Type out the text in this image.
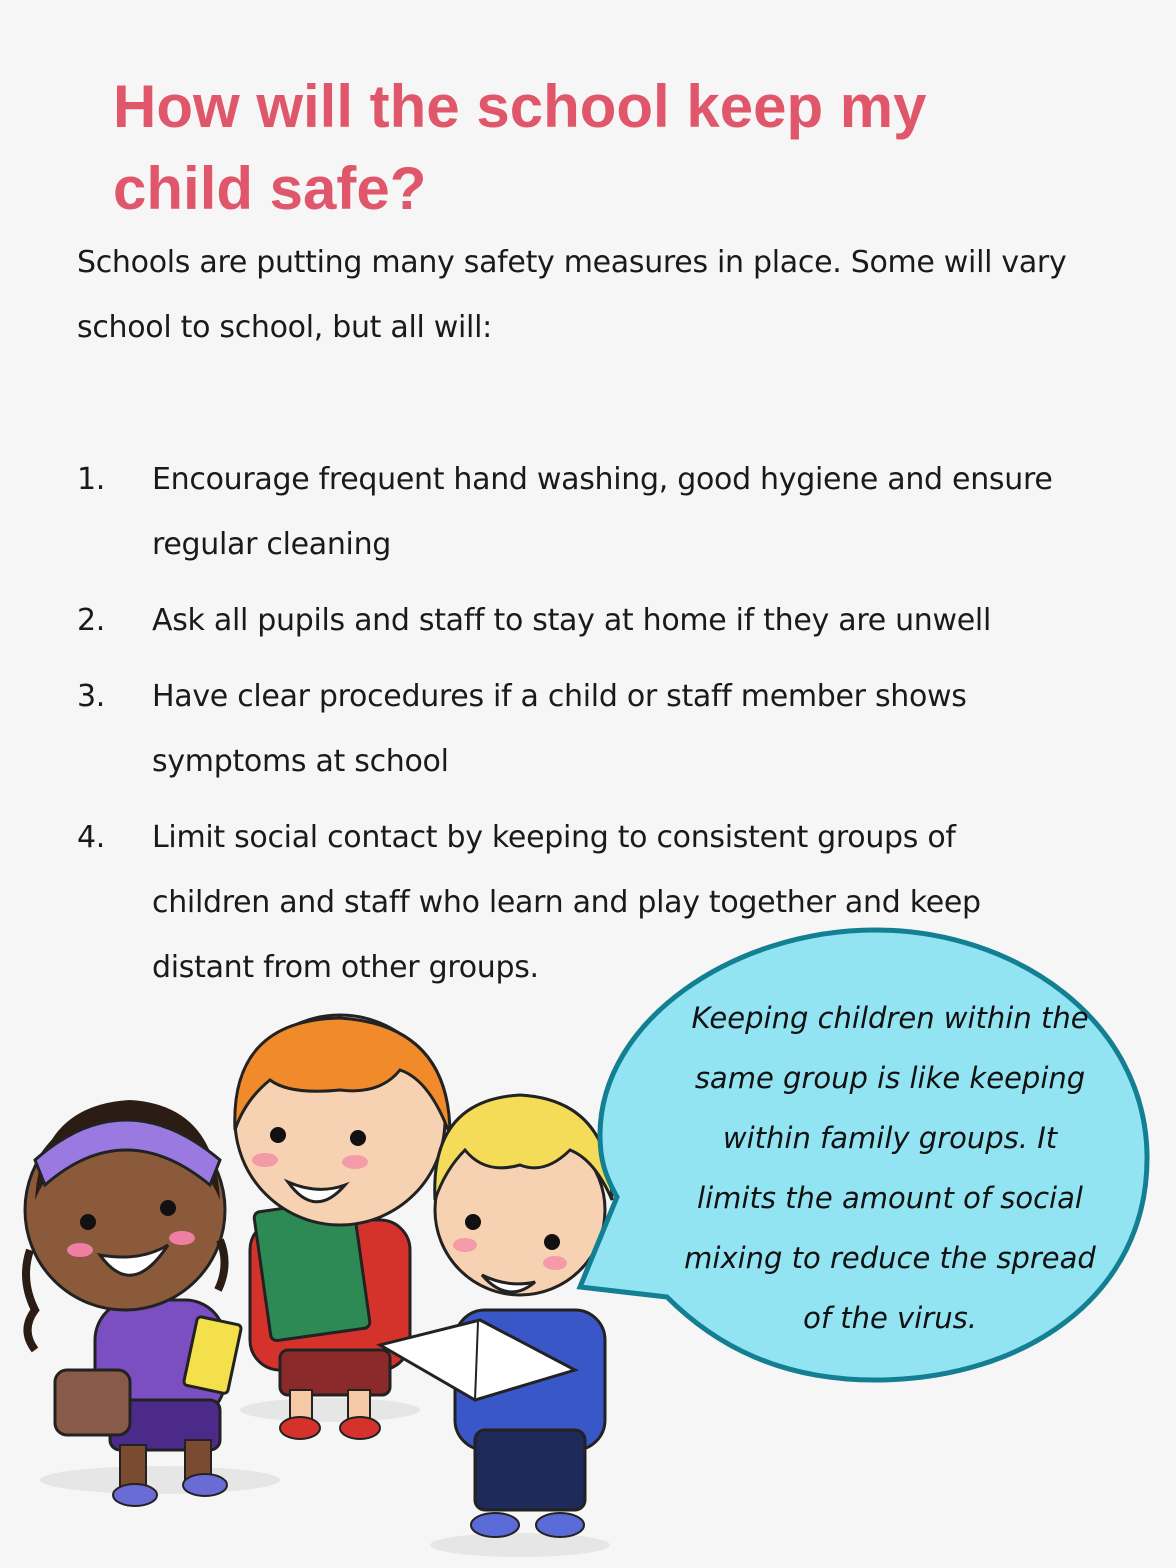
How will the school keep my child safe?

Schools are putting many safety measures in place. Some will vary school to school, but all will:

1.	Encourage frequent hand washing, good hygiene and ensure regular cleaning
2.	Ask all pupils and staff to stay at home if they are unwell
3.	Have clear procedures if a child or staff member shows symptoms at school
4.	Limit social contact by keeping to consistent groups of children and staff who learn and play together and keep distant from other groups.

Keeping children within the same group is like keeping within family groups. It limits the amount of social mixing to reduce the spread of the virus.
